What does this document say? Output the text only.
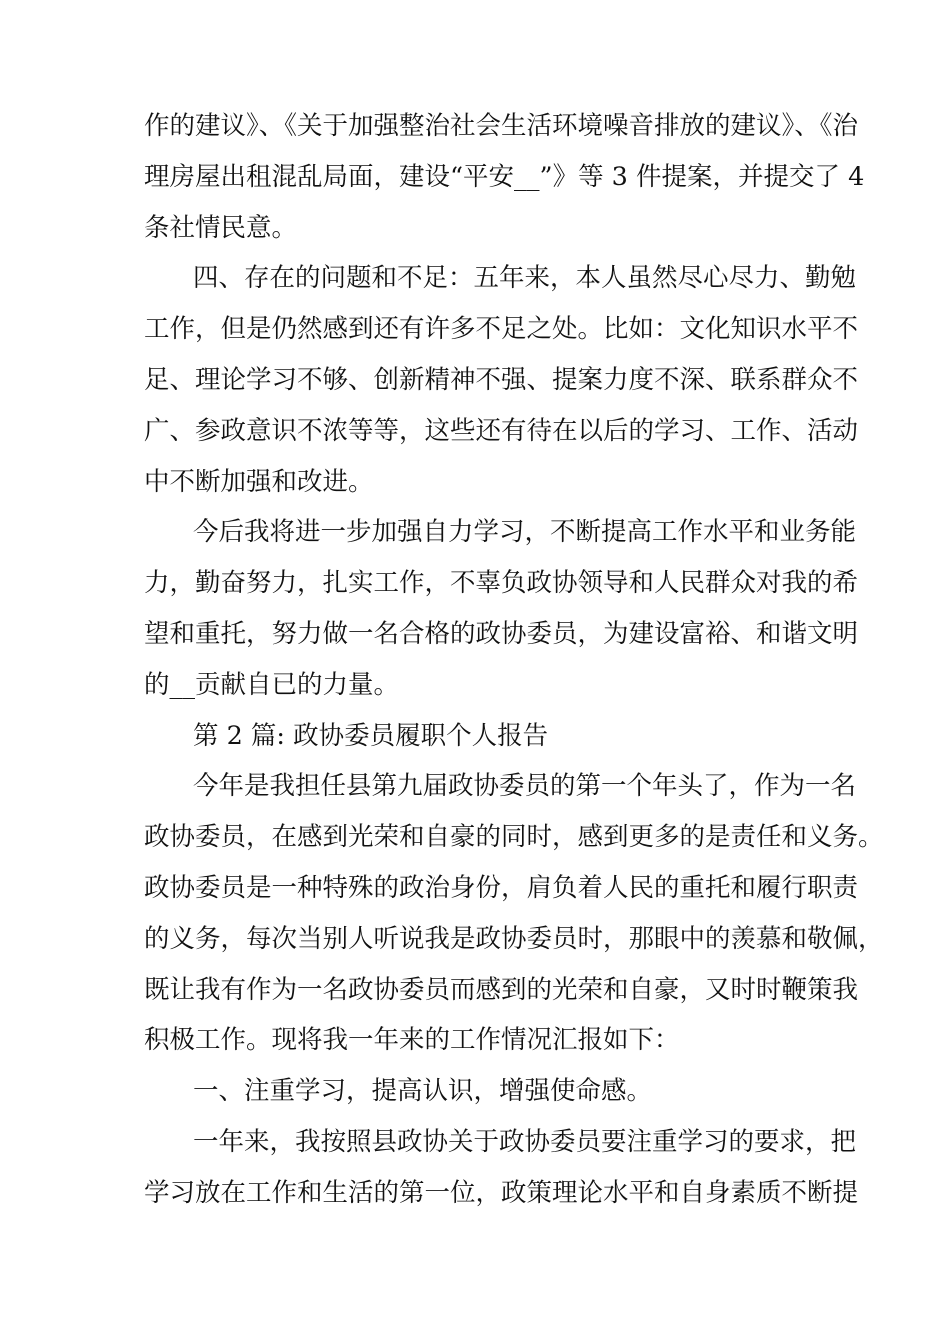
作的建议》、《关于加强整治社会生活环境噪音排放的建议》、《治
理房屋出租混乱局面，建设“平安__”》等 3 件提案，并提交了 4
条社情民意。

四、存在的问题和不足：五年来，本人虽然尽心尽力、勤勉
工作，但是仍然感到还有许多不足之处。比如：文化知识水平不
足、理论学习不够、创新精神不强、提案力度不深、联系群众不
广、参政意识不浓等等，这些还有待在以后的学习、工作、活动
中不断加强和改进。

今后我将进一步加强自力学习，不断提高工作水平和业务能
力，勤奋努力，扎实工作，不辜负政协领导和人民群众对我的希
望和重托，努力做一名合格的政协委员，为建设富裕、和谐文明
的__贡献自已的力量。

第 2 篇: 政协委员履职个人报告

今年是我担任县第九届政协委员的第一个年头了，作为一名
政协委员，在感到光荣和自豪的同时，感到更多的是责任和义务。
政协委员是一种特殊的政治身份，肩负着人民的重托和履行职责
的义务，每次当别人听说我是政协委员时，那眼中的羡慕和敬佩，
既让我有作为一名政协委员而感到的光荣和自豪，又时时鞭策我
积极工作。现将我一年来的工作情况汇报如下：

一、注重学习，提高认识，增强使命感。

一年来，我按照县政协关于政协委员要注重学习的要求，把
学习放在工作和生活的第一位，政策理论水平和自身素质不断提
